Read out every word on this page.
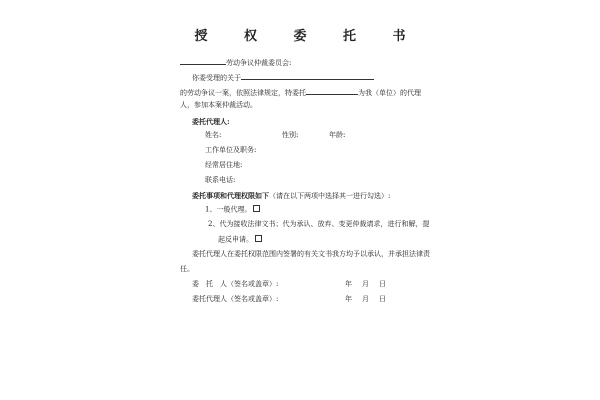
授 权 委 托 书
劳动争议仲裁委员会:
你委受理的关于
的劳动争议一案，依照法律规定，特委托	为我（单位）的代理
人，参加本案仲裁活动。
委托代理人:
姓名:	性别:	年龄:
工作单位及职务:
经常居住地:
联系电话:
委托事项和代理权限如下（请在以下两项中选择其一进行勾选）:
1、一般代理。
2、代为接收法律文书；代为承认、放弃、变更仲裁请求，进行和解，提
起反申请。
委托代理人在委托权限范围内签署的有关文书我方均予以承认，并承担法律责
任。
委　托　人（签名或盖章）:	年 月 日
委托代理人（签名或盖章）:	年 月 日
